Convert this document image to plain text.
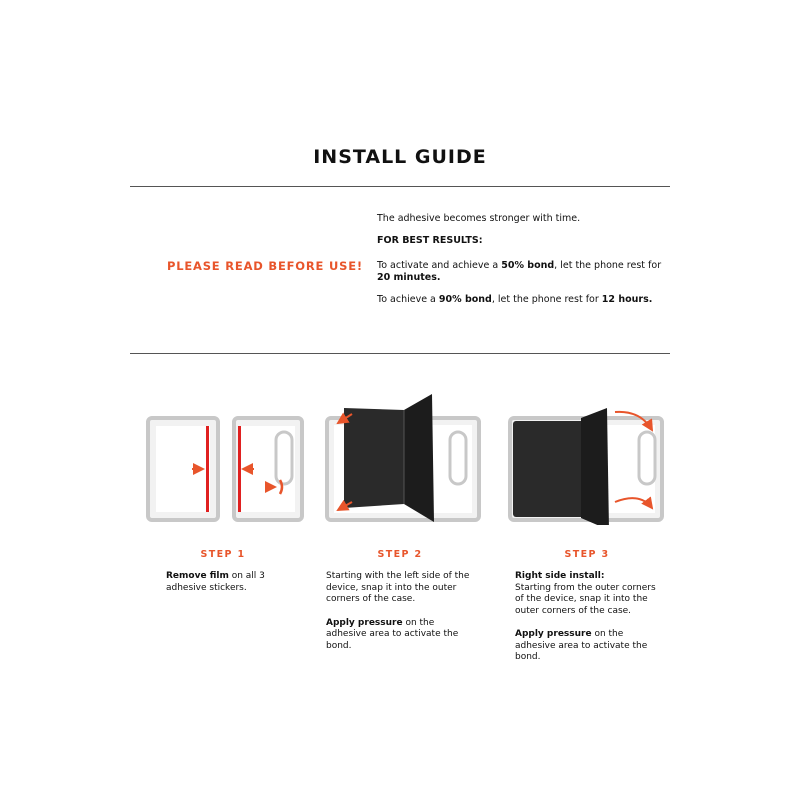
INSTALL GUIDE
PLEASE READ BEFORE USE!

The adhesive becomes stronger with time.

FOR BEST RESULTS:

To activate and achieve a 50% bond, let the phone rest for 20 minutes.

To achieve a 90% bond, let the phone rest for 12 hours.

STEP 1	STEP 2	STEP 3

Remove film on all 3 adhesive stickers.

Starting with the left side of the device, snap it into the outer corners of the case.

Apply pressure on the adhesive area to activate the bond.

Right side install:
Starting from the outer corners of the device, snap it into the outer corners of the case.

Apply pressure on the adhesive area to activate the bond.
